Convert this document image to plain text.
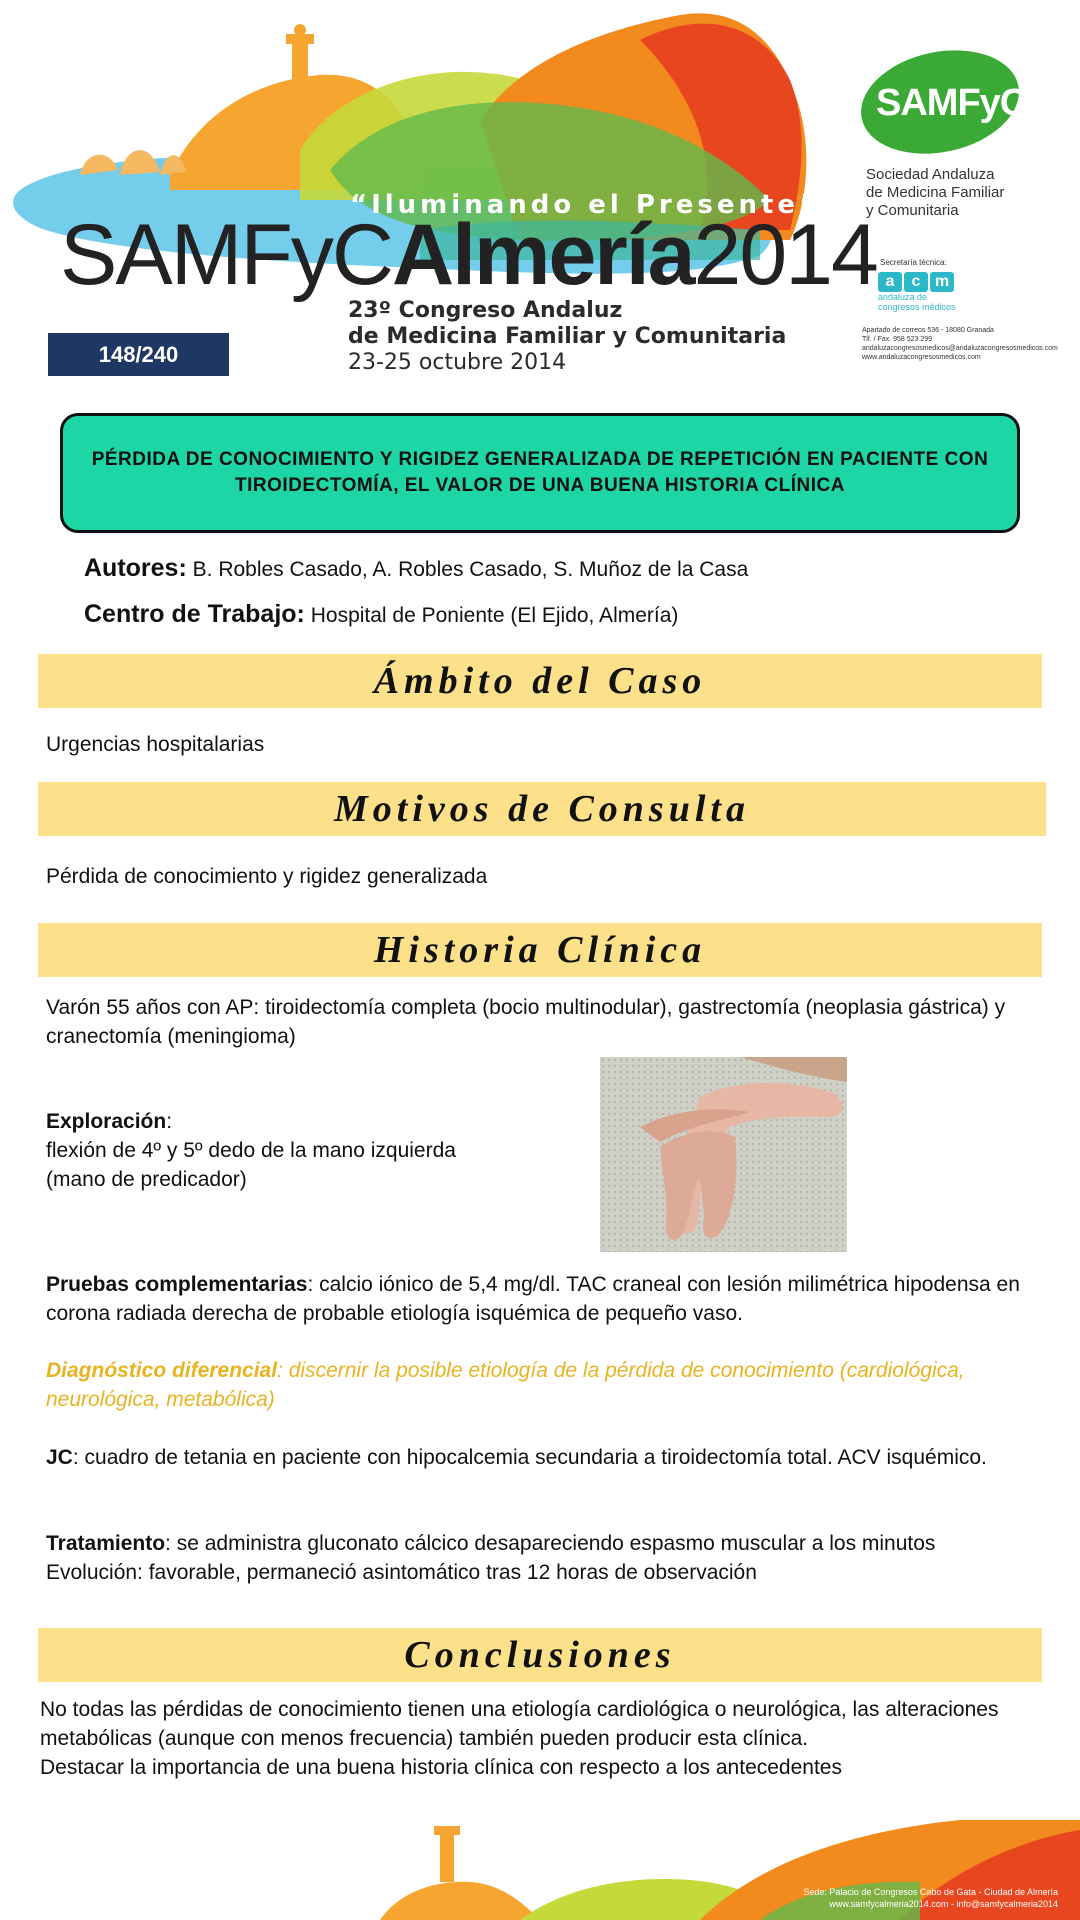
“Iluminando el Presente”
SAMFyCAlmería2014
23º Congreso Andaluz
de Medicina Familiar y Comunitaria
23-25 octubre 2014
148/240
SAMFyC
Sociedad Andaluza
de Medicina Familiar
y Comunitaria
Secretaría técnica:
a c m
andaluza de
congresos médicos
Apartado de correos 536 - 18080 Granada
Tlf. / Fax. 958 523 299
andaluzacongresosmedicos@andaluzacongresosmedicos.com
www.andaluzacongresosmedicos.com
PÉRDIDA DE CONOCIMIENTO Y RIGIDEZ GENERALIZADA DE REPETICIÓN EN PACIENTE CON TIROIDECTOMÍA, EL VALOR DE UNA BUENA HISTORIA CLÍNICA
Autores: B. Robles Casado, A. Robles Casado, S. Muñoz de la Casa
Centro de Trabajo: Hospital de Poniente (El Ejido, Almería)
Ámbito del Caso
Urgencias hospitalarias
Motivos de Consulta
Pérdida de conocimiento y rigidez generalizada
Historia Clínica
Varón 55 años con AP: tiroidectomía completa (bocio multinodular), gastrectomía (neoplasia gástrica) y cranectomía (meningioma)
Exploración:
flexión de 4º y 5º dedo de la mano izquierda
(mano de predicador)
Pruebas complementarias: calcio iónico de 5,4 mg/dl. TAC craneal con lesión milimétrica hipodensa en corona radiada derecha de probable etiología isquémica de pequeño vaso.
Diagnóstico diferencial: discernir la posible etiología de la pérdida de conocimiento (cardiológica, neurológica, metabólica)
JC: cuadro de tetania en paciente con hipocalcemia secundaria a tiroidectomía total. ACV isquémico.
Tratamiento: se administra gluconato cálcico desapareciendo espasmo muscular a los minutos Evolución: favorable, permaneció asintomático tras 12 horas de observación
Conclusiones
No todas las pérdidas de conocimiento tienen una etiología cardiológica o neurológica, las alteraciones metabólicas (aunque con menos frecuencia) también pueden producir esta clínica.
Destacar la importancia de una buena historia clínica con respecto a los antecedentes
Sede: Palacio de Congresos Cabo de Gata - Ciudad de Almería
www.samfycalmeria2014.com - info@samfycalmeria2014
